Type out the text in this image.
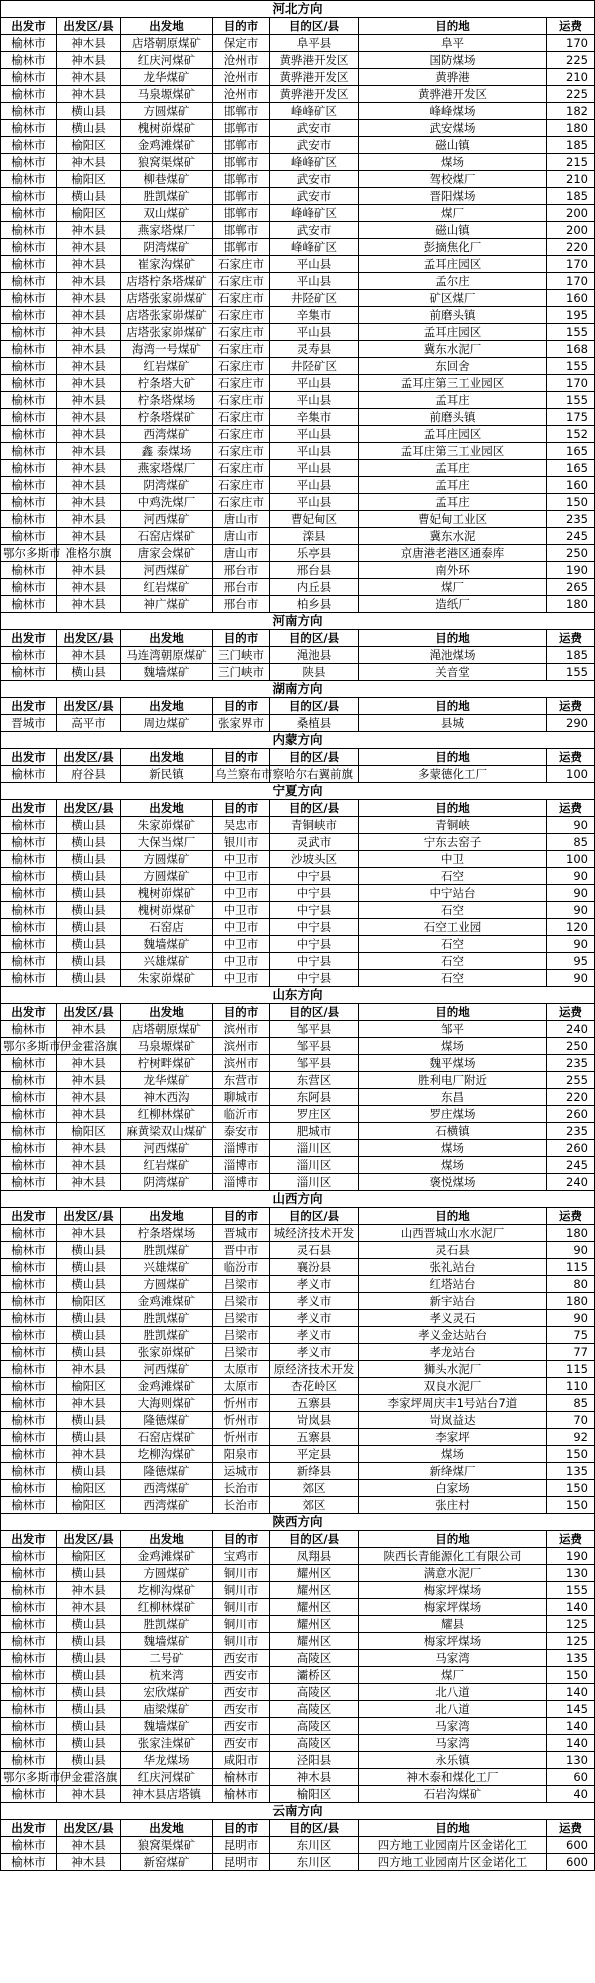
河北方向						
出发市	出发区/县	出发地	目的市	目的区/县	目的地	运费
榆林市	神木县	店塔朝原煤矿	保定市	阜平县	阜平	170
榆林市	神木县	红庆河煤矿	沧州市	黄骅港开发区	国防煤场	225
榆林市	神木县	龙华煤矿	沧州市	黄骅港开发区	黄骅港	210
榆林市	神木县	马泉塬煤矿	沧州市	黄骅港开发区	黄骅港开发区	225
榆林市	横山县	方圆煤矿	邯郸市	峰峰矿区	峰峰煤场	182
榆林市	横山县	槐树峁煤矿	邯郸市	武安市	武安煤场	180
榆林市	榆阳区	金鸡滩煤矿	邯郸市	武安市	磁山镇	185
榆林市	神木县	狼窝渠煤矿	邯郸市	峰峰矿区	煤场	215
榆林市	榆阳区	柳巷煤矿	邯郸市	武安市	驾校煤厂	210
榆林市	横山县	胜凯煤矿	邯郸市	武安市	晋阳煤场	185
榆林市	榆阳区	双山煤矿	邯郸市	峰峰矿区	煤厂	200
榆林市	神木县	燕家塔煤厂	邯郸市	武安市	磁山镇	200
榆林市	神木县	阴湾煤矿	邯郸市	峰峰矿区	彭摘焦化厂	220
榆林市	神木县	崔家沟煤矿	石家庄市	平山县	孟耳庄园区	170
榆林市	神木县	店塔柠条塔煤矿	石家庄市	平山县	孟尔庄	170
榆林市	神木县	店塔张家峁煤矿	石家庄市	井陉矿区	矿区煤厂	160
榆林市	神木县	店塔张家峁煤矿	石家庄市	辛集市	前磨头镇	195
榆林市	神木县	店塔张家峁煤矿	石家庄市	平山县	孟耳庄园区	155
榆林市	神木县	海湾一号煤矿	石家庄市	灵寿县	冀东水泥厂	168
榆林市	神木县	红岩煤矿	石家庄市	井陉矿区	东回舍	155
榆林市	神木县	柠条塔大矿	石家庄市	平山县	孟耳庄第三工业园区	170
榆林市	神木县	柠条塔煤场	石家庄市	平山县	孟耳庄	155
榆林市	神木县	柠条塔煤矿	石家庄市	辛集市	前磨头镇	175
榆林市	神木县	西湾煤矿	石家庄市	平山县	孟耳庄园区	152
榆林市	神木县	鑫 泰煤场	石家庄市	平山县	孟耳庄第三工业园区	165
榆林市	神木县	燕家塔煤厂	石家庄市	平山县	孟耳庄	165
榆林市	神木县	阴湾煤矿	石家庄市	平山县	孟耳庄	160
榆林市	神木县	中鸡洗煤厂	石家庄市	平山县	孟耳庄	150
榆林市	神木县	河西煤矿	唐山市	曹妃甸区	曹妃甸工业区	235
榆林市	神木县	石窑店煤矿	唐山市	滦县	冀东水泥	245
鄂尔多斯市	准格尔旗	唐家会煤矿	唐山市	乐亭县	京唐港老港区通泰库	250
榆林市	神木县	河西煤矿	邢台市	邢台县	南外环	190
榆林市	神木县	红岩煤矿	邢台市	内丘县	煤厂	265
榆林市	神木县	神广煤矿	邢台市	柏乡县	造纸厂	180
河南方向						
出发市	出发区/县	出发地	目的市	目的区/县	目的地	运费
榆林市	神木县	马连湾朝原煤矿	三门峡市	渑池县	渑池煤场	185
榆林市	横山县	魏墙煤矿	三门峡市	陕县	关音堂	155
湖南方向						
出发市	出发区/县	出发地	目的市	目的区/县	目的地	运费
晋城市	高平市	周边煤矿	张家界市	桑植县	县城	290
内蒙方向						
出发市	出发区/县	出发地	目的市	目的区/县	目的地	运费
榆林市	府谷县	新民镇	乌兰察布市察哈尔右翼前旗		多蒙德化工厂	100
宁夏方向						
出发市	出发区/县	出发地	目的市	目的区/县	目的地	运费
榆林市	横山县	朱家峁煤矿	吴忠市	青铜峡市	青铜峡	90
榆林市	横山县	大保当煤厂	银川市	灵武市	宁东去窑子	85
榆林市	横山县	方圆煤矿	中卫市	沙坡头区	中卫	100
榆林市	横山县	方圆煤矿	中卫市	中宁县	石空	90
榆林市	横山县	槐树峁煤矿	中卫市	中宁县	中宁站台	90
榆林市	横山县	槐树峁煤矿	中卫市	中宁县	石空	90
榆林市	横山县	石窑店	中卫市	中宁县	石空工业园	120
榆林市	横山县	魏墙煤矿	中卫市	中宁县	石空	90
榆林市	横山县	兴雄煤矿	中卫市	中宁县	石空	95
榆林市	横山县	朱家峁煤矿	中卫市	中宁县	石空	90
山东方向						
出发市	出发区/县	出发地	目的市	目的区/县	目的地	运费
榆林市	神木县	店塔朝原煤矿	滨州市	邹平县	邹平	240
鄂尔多斯市	伊金霍洛旗	马泉塬煤矿	滨州市	邹平县	煤场	250
榆林市	神木县	柠树畔煤矿	滨州市	邹平县	魏平煤场	235
榆林市	神木县	龙华煤矿	东营市	东营区	胜利电厂附近	255
榆林市	神木县	神木西沟	聊城市	东阿县	东昌	220
榆林市	神木县	红柳林煤矿	临沂市	罗庄区	罗庄煤场	260
榆林市	榆阳区	麻黄梁双山煤矿	泰安市	肥城市	石横镇	235
榆林市	神木县	河西煤矿	淄博市	淄川区	煤场	260
榆林市	神木县	红岩煤矿	淄博市	淄川区	煤场	245
榆林市	神木县	阴湾煤矿	淄博市	淄川区	褒悦煤场	240
山西方向						
出发市	出发区/县	出发地	目的市	目的区/县	目的地	运费
榆林市	神木县	柠条塔煤场	晋城市	城经济技术开发	山西晋城山水水泥厂	180
榆林市	横山县	胜凯煤矿	晋中市	灵石县	灵石县	90
榆林市	横山县	兴雄煤矿	临汾市	襄汾县	张礼站台	115
榆林市	横山县	方圆煤矿	吕梁市	孝义市	红塔站台	80
榆林市	榆阳区	金鸡滩煤矿	吕梁市	孝义市	新宇站台	180
榆林市	横山县	胜凯煤矿	吕梁市	孝义市	孝义灵石	90
榆林市	横山县	胜凯煤矿	吕梁市	孝义市	孝义金达站台	75
榆林市	横山县	张家峁煤矿	吕梁市	孝义市	孝龙站台	77
榆林市	神木县	河西煤矿	太原市	原经济技术开发	狮头水泥厂	115
榆林市	榆阳区	金鸡滩煤矿	太原市	杏花岭区	双良水泥厂	110
榆林市	神木县	大海则煤矿	忻州市	五寨县	李家坪周庆丰1号站台7道	85
榆林市	横山县	隆德煤矿	忻州市	岢岚县	岢岚益达	70
榆林市	横山县	石窑店煤矿	忻州市	五寨县	李家坪	92
榆林市	神木县	圪柳沟煤矿	阳泉市	平定县	煤场	150
榆林市	横山县	隆德煤矿	运城市	新绛县	新绛煤厂	135
榆林市	榆阳区	西湾煤矿	长治市	郊区	白家场	150
榆林市	榆阳区	西湾煤矿	长治市	郊区	张庄村	150
陕西方向						
出发市	出发区/县	出发地	目的市	目的区/县	目的地	运费
榆林市	榆阳区	金鸡滩煤矿	宝鸡市	凤翔县	陕西长青能源化工有限公司	190
榆林市	横山县	方圆煤矿	铜川市	耀州区	满意水泥厂	130
榆林市	神木县	圪柳沟煤矿	铜川市	耀州区	梅家坪煤场	155
榆林市	神木县	红柳林煤矿	铜川市	耀州区	梅家坪煤场	140
榆林市	横山县	胜凯煤矿	铜川市	耀州区	耀县	125
榆林市	横山县	魏墙煤矿	铜川市	耀州区	梅家坪煤场	125
榆林市	横山县	二号矿	西安市	高陵区	马家湾	135
榆林市	横山县	杭来湾	西安市	灞桥区	煤厂	150
榆林市	横山县	宏欣煤矿	西安市	高陵区	北八道	140
榆林市	横山县	庙梁煤矿	西安市	高陵区	北八道	145
榆林市	横山县	魏墙煤矿	西安市	高陵区	马家湾	140
榆林市	横山县	张家洼煤矿	西安市	高陵区	马家湾	140
榆林市	横山县	华龙煤场	咸阳市	泾阳县	永乐镇	130
鄂尔多斯市	伊金霍洛旗	红庆河煤矿	榆林市	神木县	神木泰和煤化工厂	60
榆林市	神木县	神木县店塔镇	榆林市	榆阳区	石岩沟煤矿	40
云南方向						
出发市	出发区/县	出发地	目的市	目的区/县	目的地	运费
榆林市	神木县	狼窝渠煤矿	昆明市	东川区	四方地工业园南片区金诺化工	600
榆林市	神木县	新窑煤矿	昆明市	东川区	四方地工业园南片区金诺化工	600
